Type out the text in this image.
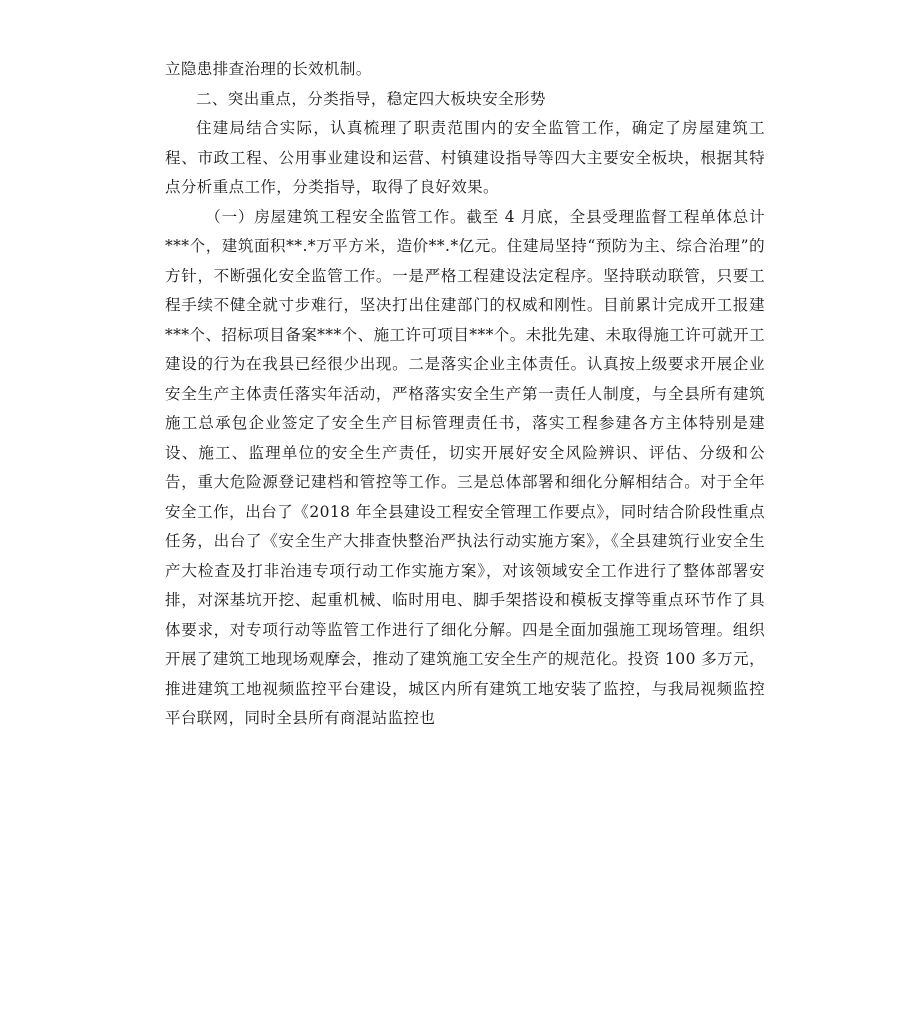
立隐患排查治理的长效机制。

二、突出重点，分类指导，稳定四大板块安全形势

住建局结合实际，认真梳理了职责范围内的安全监管工作，确定了房屋建筑工程、市政工程、公用事业建设和运营、村镇建设指导等四大主要安全板块，根据其特点分析重点工作，分类指导，取得了良好效果。

（一）房屋建筑工程安全监管工作。截至 4 月底，全县受理监督工程单体总计***个，建筑面积**.*万平方米，造价**.*亿元。住建局坚持“预防为主、综合治理”的方针，不断强化安全监管工作。一是严格工程建设法定程序。坚持联动联管，只要工程手续不健全就寸步难行，坚决打出住建部门的权威和刚性。目前累计完成开工报建***个、招标项目备案***个、施工许可项目***个。未批先建、未取得施工许可就开工建设的行为在我县已经很少出现。二是落实企业主体责任。认真按上级要求开展企业安全生产主体责任落实年活动，严格落实安全生产第一责任人制度，与全县所有建筑施工总承包企业签定了安全生产目标管理责任书，落实工程参建各方主体特别是建设、施工、监理单位的安全生产责任，切实开展好安全风险辨识、评估、分级和公告，重大危险源登记建档和管控等工作。三是总体部署和细化分解相结合。对于全年安全工作，出台了《2018 年全县建设工程安全管理工作要点》，同时结合阶段性重点任务，出台了《安全生产大排查快整治严执法行动实施方案》，《全县建筑行业安全生产大检查及打非治违专项行动工作实施方案》，对该领域安全工作进行了整体部署安排，对深基坑开挖、起重机械、临时用电、脚手架搭设和模板支撑等重点环节作了具体要求，对专项行动等监管工作进行了细化分解。四是全面加强施工现场管理。组织开展了建筑工地现场观摩会，推动了建筑施工安全生产的规范化。投资 100 多万元，推进建筑工地视频监控平台建设，城区内所有建筑工地安装了监控，与我局视频监控平台联网，同时全县所有商混站监控也
